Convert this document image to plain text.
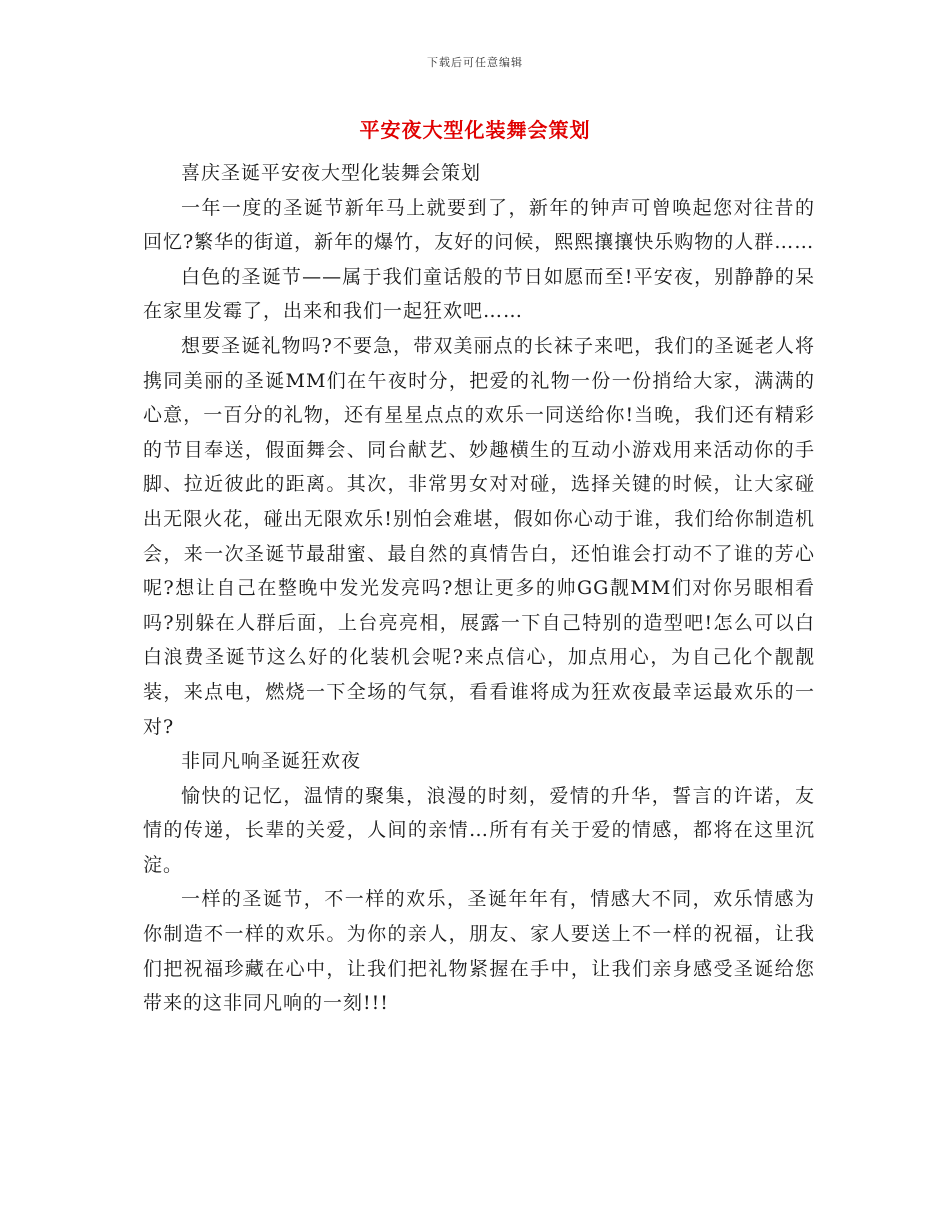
下载后可任意编辑
平安夜大型化装舞会策划

喜庆圣诞平安夜大型化装舞会策划

一年一度的圣诞节新年马上就要到了，新年的钟声可曾唤起您对往昔的回忆?繁华的街道，新年的爆竹，友好的问候，熙熙攘攘快乐购物的人群……

白色的圣诞节——属于我们童话般的节日如愿而至!平安夜，别静静的呆在家里发霉了，出来和我们一起狂欢吧……

想要圣诞礼物吗?不要急，带双美丽点的长袜子来吧，我们的圣诞老人将携同美丽的圣诞MM们在午夜时分，把爱的礼物一份一份捎给大家，满满的心意，一百分的礼物，还有星星点点的欢乐一同送给你!当晚，我们还有精彩的节目奉送，假面舞会、同台献艺、妙趣横生的互动小游戏用来活动你的手脚、拉近彼此的距离。其次，非常男女对对碰，选择关键的时候，让大家碰出无限火花，碰出无限欢乐!别怕会难堪，假如你心动于谁，我们给你制造机会，来一次圣诞节最甜蜜、最自然的真情告白，还怕谁会打动不了谁的芳心呢?想让自己在整晚中发光发亮吗?想让更多的帅GG靓MM们对你另眼相看吗?别躲在人群后面，上台亮亮相，展露一下自己特别的造型吧!怎么可以白白浪费圣诞节这么好的化装机会呢?来点信心，加点用心，为自己化个靓靓装，来点电，燃烧一下全场的气氛，看看谁将成为狂欢夜最幸运最欢乐的一对?

非同凡响圣诞狂欢夜

愉快的记忆，温情的聚集，浪漫的时刻，爱情的升华，誓言的许诺，友情的传递，长辈的关爱，人间的亲情…所有有关于爱的情感，都将在这里沉淀。

一样的圣诞节，不一样的欢乐，圣诞年年有，情感大不同，欢乐情感为你制造不一样的欢乐。为你的亲人，朋友、家人要送上不一样的祝福，让我们把祝福珍藏在心中，让我们把礼物紧握在手中，让我们亲身感受圣诞给您带来的这非同凡响的一刻!!!
